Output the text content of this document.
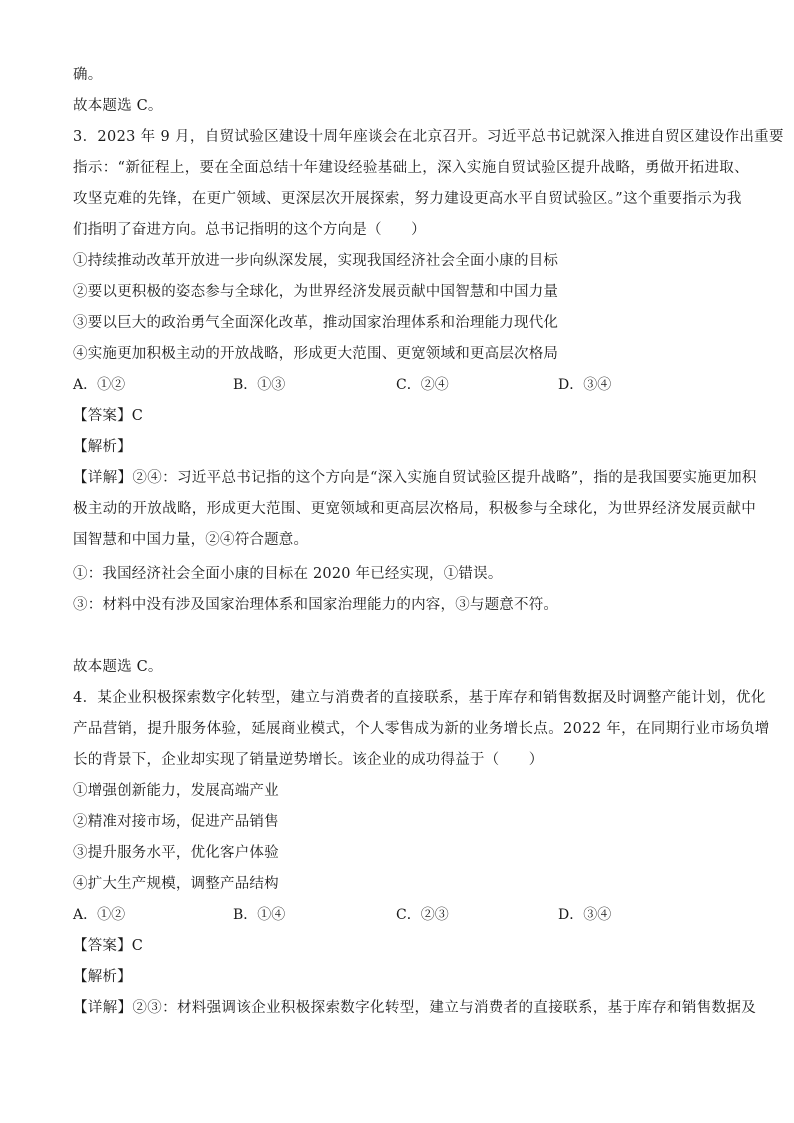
确。
故本题选 C。
3．2023 年 9 月，自贸试验区建设十周年座谈会在北京召开。习近平总书记就深入推进自贸区建设作出重要
指示：“新征程上，要在全面总结十年建设经验基础上，深入实施自贸试验区提升战略，勇做开拓进取、
攻坚克难的先锋，在更广领域、更深层次开展探索，努力建设更高水平自贸试验区。”这个重要指示为我
们指明了奋进方向。总书记指明的这个方向是（　　）
①持续推动改革开放进一步向纵深发展，实现我国经济社会全面小康的目标
②要以更积极的姿态参与全球化，为世界经济发展贡献中国智慧和中国力量
③要以巨大的政治勇气全面深化改革，推动国家治理体系和治理能力现代化
④实施更加积极主动的开放战略，形成更大范围、更宽领域和更高层次格局
A．①②	B．①③	C．②④	D．③④
【答案】C
【解析】
【详解】②④：习近平总书记指的这个方向是“深入实施自贸试验区提升战略”，指的是我国要实施更加积
极主动的开放战略，形成更大范围、更宽领域和更高层次格局，积极参与全球化，为世界经济发展贡献中
国智慧和中国力量，②④符合题意。
①：我国经济社会全面小康的目标在 2020 年已经实现，①错误。
③：材料中没有涉及国家治理体系和国家治理能力的内容，③与题意不符。
故本题选 C。
4．某企业积极探索数字化转型，建立与消费者的直接联系，基于库存和销售数据及时调整产能计划，优化
产品营销，提升服务体验，延展商业模式，个人零售成为新的业务增长点。2022 年，在同期行业市场负增
长的背景下，企业却实现了销量逆势增长。该企业的成功得益于（　　）
①增强创新能力，发展高端产业
②精准对接市场，促进产品销售
③提升服务水平，优化客户体验
④扩大生产规模，调整产品结构
A．①②	B．①④	C．②③	D．③④
【答案】C
【解析】
【详解】②③：材料强调该企业积极探索数字化转型，建立与消费者的直接联系，基于库存和销售数据及
